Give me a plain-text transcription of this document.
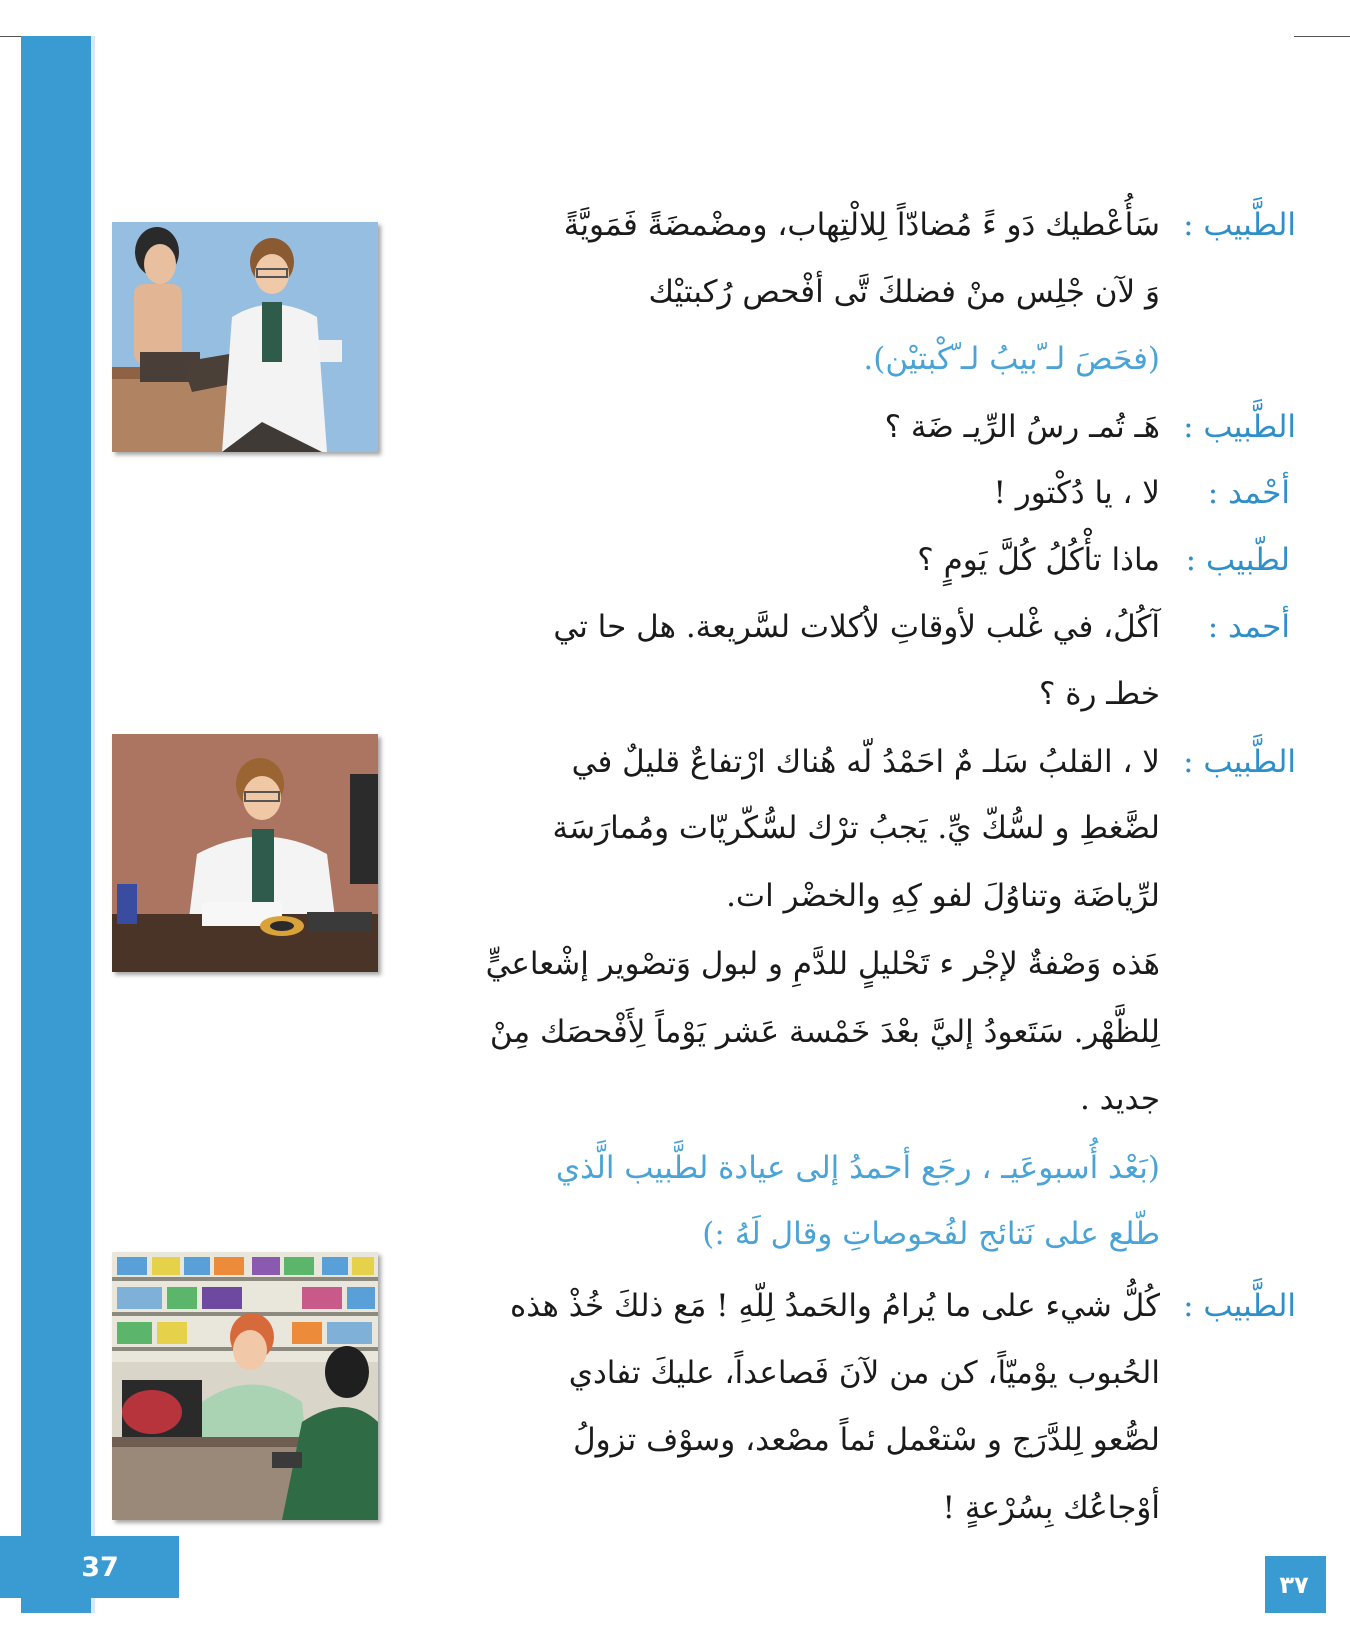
37
٣٧
الطَّبيب :
سَأُعْطيك دَو ءً مُضادّاً لِلالْتِهاب، ومضْمضَةً فَمَويَّةً
وَ لآن جْلِس منْ فضلكَ تَّى أفْحص رُكبتيْك
(فحَصَ لـ ّبيبُ لـ ّكْبتيْن).
الطَّبيب :
هَـ تُمـ رسُ الرِّيـ ضَة ؟
أحْمد :
لا ، يا دُكْتور !
لطّبيب :
ماذا تأْكُلُ كُلَّ يَومٍ ؟
أحمد :
آكُلُ، في غْلب لأوقاتِ لاُكلات لسَّريعة. هل حا تي
خطـ رة ؟
الطَّبيب :
لا ، القلبُ سَلـ مٌ احَمْدُ لّه هُناك ارْتفاعٌ قليلٌ في
لضَّغطِ و لسُّكّ يِّ. يَجبُ ترْك لسُّكّريّات ومُمارَسَة
لرِّياضَة وتناوُلَ لفو كِهِ والخضْر ات.
هَذه وَصْفةٌ لإجْر ء تَحْليلٍ للدَّمِ و لبول وَتصْوير إشْعاعيٍّ
لِلظَّهْر. سَتَعودُ إليَّ بعْدَ خَمْسة عَشر يَوْماً لِأَفْحصَك مِنْ
جديد .
(بَعْد أُسبوعَيـ ، رجَع أحمدُ إلى عيادة لطَّبيب الَّذي
طّلع على نَتائج لفُحوصاتِ وقال لَهُ :)
الطَّبيب :
كُلُّ شيء على ما يُرامُ والحَمدُ لِلّهِ ! مَع ذلكَ خُذْ هذه
الحُبوب يوْميّاً، كن من لآنَ فَصاعداً، عليكَ تفادي
لصُّعو لِلدَّرَج و سْتعْمل ئماً مصْعد، وسوْف تزولُ
أوْجاعُك بِسُرْعةٍ !
